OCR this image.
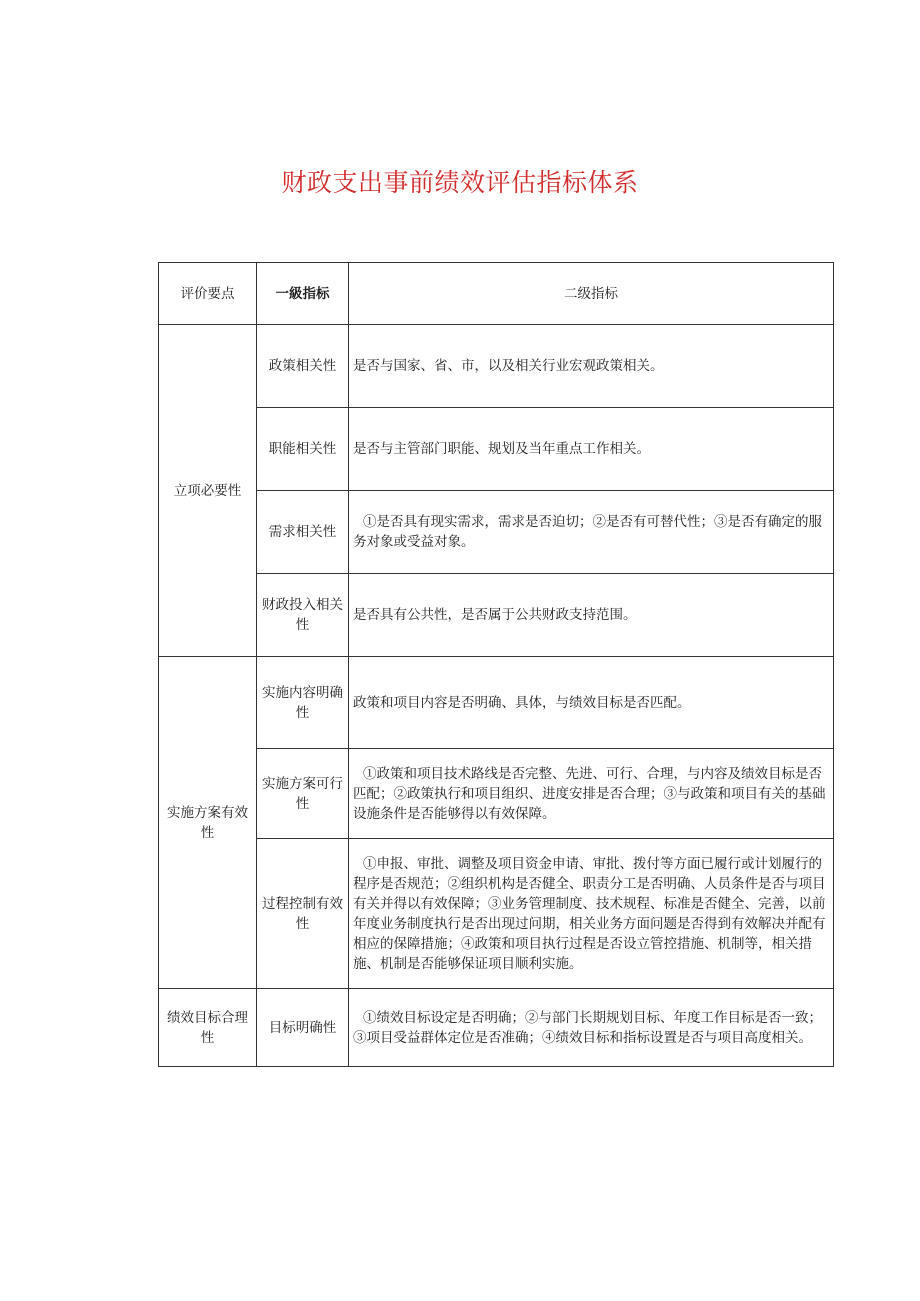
财政支出事前绩效评估指标体系
评价要点	一級指标	二级指标
立项必要性	政策相关性	是否与国家、省、市，以及相关行业宏观政策相关。
	职能相关性	是否与主管部门职能、规划及当年重点工作相关。
	需求相关性	①是否具有现实需求，需求是否迫切；②是否有可替代性；③是否有确定的服务对象或受益对象。
	财政投入相关性	是否具有公共性，是否属于公共财政支持范围。
实施方案有效性	实施内容明确性	政策和项目内容是否明确、具体，与绩效目标是否匹配。
	实施方案可行性	①政策和项目技术路线是否完整、先进、可行、合理，与内容及绩效目标是否匹配；②政策执行和项目组织、进度安排是否合理；③与政策和项目有关的基础设施条件是否能够得以有效保障。
	过程控制有效性	①申报、审批、调整及项目资金申请、审批、拨付等方面已履行或计划履行的程序是否规范；②组织机构是否健全、职责分工是否明确、人员条件是否与项目有关并得以有效保障；③业务管理制度、技术规程、标准是否健全、完善，以前年度业务制度执行是否出现过问期，相关业务方面问题是否得到有效解决并配有相应的保障措施；④政策和项目执行过程是否设立管控措施、机制等，相关措施、机制是否能够保证项目顺利实施。
绩效目标合理性	目标明确性	①绩效目标设定是否明确；②与部门长期规划目标、年度工作目标是否一致；③项目受益群体定位是否准确；④绩效目标和指标设置是否与项目高度相关。
